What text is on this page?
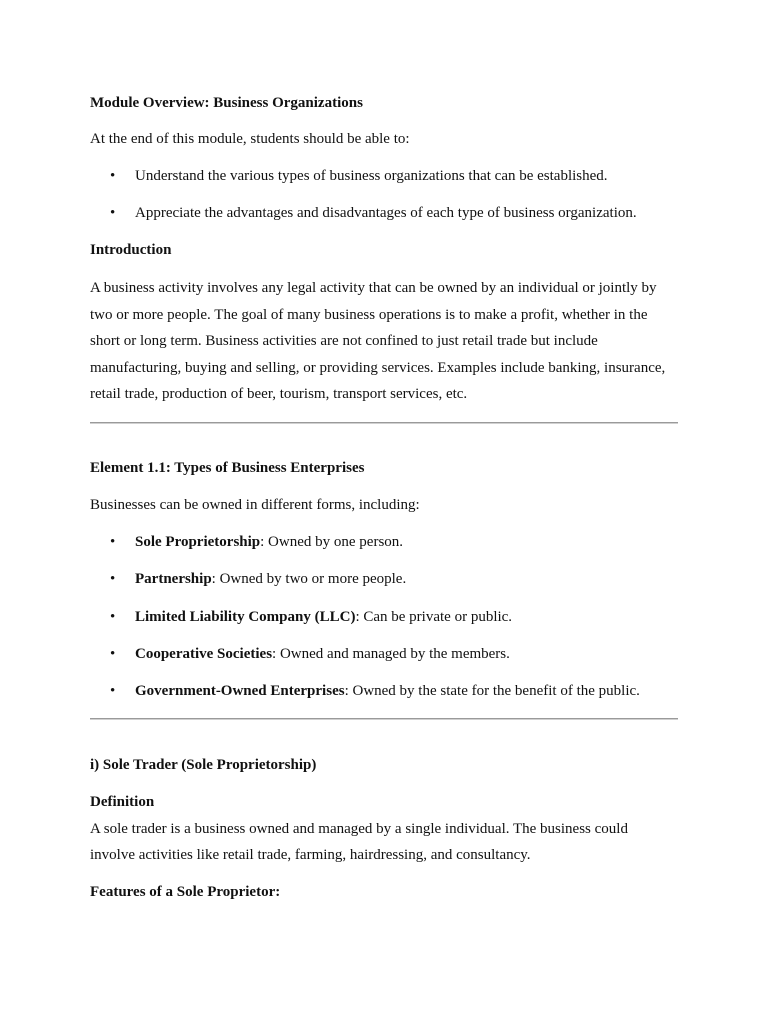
Module Overview: Business Organizations
At the end of this module, students should be able to:
• Understand the various types of business organizations that can be established.
• Appreciate the advantages and disadvantages of each type of business organization.
Introduction
A business activity involves any legal activity that can be owned by an individual or jointly by
two or more people. The goal of many business operations is to make a profit, whether in the
short or long term. Business activities are not confined to just retail trade but include
manufacturing, buying and selling, or providing services. Examples include banking, insurance,
retail trade, production of beer, tourism, transport services, etc.
Element 1.1: Types of Business Enterprises
Businesses can be owned in different forms, including:
• Sole Proprietorship: Owned by one person.
• Partnership: Owned by two or more people.
• Limited Liability Company (LLC): Can be private or public.
• Cooperative Societies: Owned and managed by the members.
• Government-Owned Enterprises: Owned by the state for the benefit of the public.
i) Sole Trader (Sole Proprietorship)
Definition
A sole trader is a business owned and managed by a single individual. The business could
involve activities like retail trade, farming, hairdressing, and consultancy.
Features of a Sole Proprietor:
